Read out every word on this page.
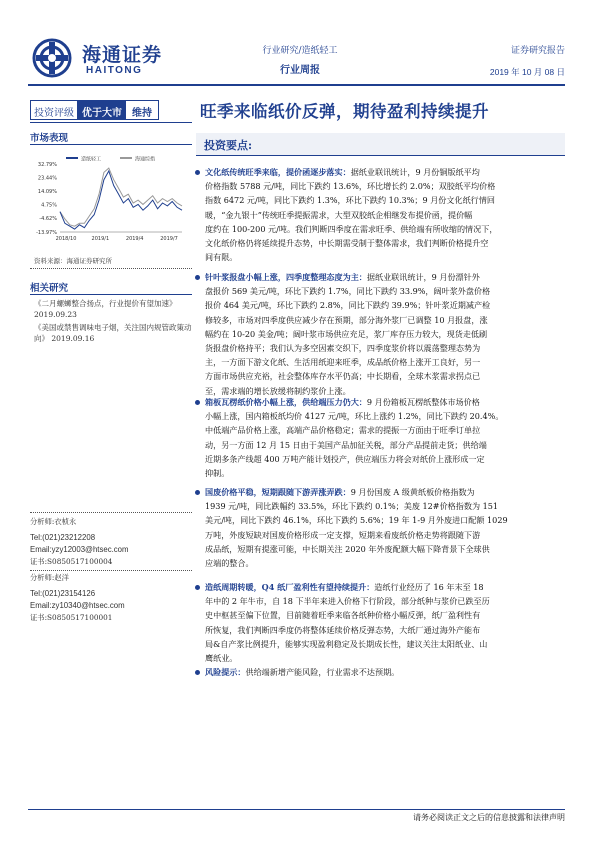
海通证券
HAITONG
行业研究/造纸轻工
行业周报
证券研究报告
2019 年 10 月 08 日
投资评级 优于大市	维持	旺季来临纸价反弹，期待盈利持续提升
市场表现
造纸轻工	海通综指
32.79%
23.44%
14.09%
4.75%
-4.62%
-13.97%
2018/10	2019/1	2019/4	2019/7
资料来源：海通证券研究所
相关研究
《二月螺蛳整合扬点，行业提价有望加速》 2019.09.23
《美国或禁售调味电子烟，关注国内规管政策动向》 2019.09.16
分析师:衣桢永
Tel:(021)23212208
Email:yzy12003@htsec.com
证书:S0850517100004
分析师:赵洋
Tel:(021)23154126
Email:zy10340@htsec.com
证书:S0850517100001
投资要点:
文化纸传统旺季来临，提价函逐步落实：据纸业联讯统计，9 月份铜版纸平均
价格指数 5788 元/吨，同比下跌约 13.6%，环比增长约 2.0%；双胶纸平均价格
指数 6472 元/吨，同比下跌约 1.3%，环比下跌约 10.3%；9 月份文化纸行情回
暖，“金九银十”传统旺季提振需求，大型双胶纸企相继发布提价函，提价幅
度约在 100-200 元/吨。我们判断四季度在需求旺季、供给端有所收缩的情况下，
文化纸价格仍将延续提升态势，中长期需受制于整体需求，我们判断价格提升空
间有限。
针叶浆报盘小幅上涨，四季度整理态度为主：据纸业联讯统计，9 月份漂针外
盘报价 569 美元/吨，环比下跌约 1.7%，同比下跌约 33.9%，阔叶浆外盘价格
报价 464 美元/吨，环比下跌约 2.8%，同比下跌约 39.9%；针叶浆近期减产检
修较多，市场对四季度供应减少存在预期，部分海外浆厂已调整 10 月报盘，涨
幅约在 10-20 美金/吨；阔叶浆市场供应充足，浆厂库存压力较大，现货走低刷
货报盘价格持平；我们认为多空因素交织下，四季度浆价将以震荡整理态势为
主，一方面下游文化纸、生活用纸迎来旺季，成品纸价格上涨开工良好，另一
方面市场供应充裕，社会整体库存水平仍高；中长期看，全球木浆需求拐点已
至，需求端的增长放缓将制约浆价上涨。
箱板瓦楞纸价格小幅上涨，供给端压力仍大：9 月份箱板瓦楞纸整体市场价格
小幅上涨，国内箱板纸均价 4127 元/吨，环比上涨约 1.2%，同比下跌约 20.4%。
中低端产品价格上涨，高端产品价格稳定；需求的提振一方面由于旺季订单拉
动，另一方面 12 月 15 日由于美国产品加征关税，部分产品提前走货；供给端
近期多条产线超 400 万吨产能计划投产，供应端压力将会对纸价上涨形成一定
抑制。
国废价格平稳，短期跟随下游弄涨弄跌：9 月份国废 A 级黄纸板价格指数为
1939 元/吨，同比跌幅约 33.5%，环比下跌约 0.1%；美废 12#价格指数为 151
美元/吨，同比下跌约 46.1%，环比下跌约 5.6%；19 年 1-9 月外废进口配额 1029
万吨，外废短缺对国废价格形成一定支撑，短期来看废纸价格走势将跟随下游
成品纸，短期有提涨可能，中长期关注 2020 年外废配额大幅下降背景下全球供
应端的整合。
造纸周期转暖，Q4 纸厂盈利性有望持续提升：造纸行业经历了 16 年末至 18
年中的 2 年牛市，自 18 下半年来进入价格下行阶段，部分纸种与浆价已跌至历
史中枢甚至偏下位置，目前随着旺季来临各纸种价格小幅反弹，纸厂盈利性有
所恢复，我们判断四季度仍将整体延续价格反弹态势，大纸厂通过海外产能布
局&自产浆比例提升，能够实现盈利稳定及长期成长性，建议关注太阳纸业、山
鹰纸业。
风险提示：供给端新增产能风险，行业需求不达预期。
请务必阅读正文之后的信息披露和法律声明
